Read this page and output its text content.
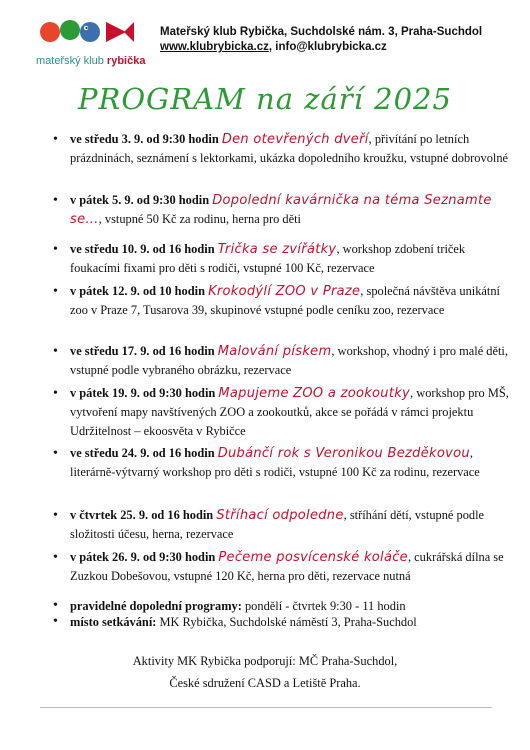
mateřský klub rybička
Mateřský klub Rybička, Suchdolské nám. 3, Praha-Suchdol
www.klubrybicka.cz, info@klubrybicka.cz
PROGRAM na září 2025
• ve středu 3. 9. od 9:30 hodin Den otevřených dveří, přivítání po letních prázdninách, seznámení s lektorkami, ukázka dopoledního kroužku, vstupné dobrovolné
• v pátek 5. 9. od 9:30 hodin Dopolední kavárnička na téma Seznamte se…, vstupné 50 Kč za rodinu, herna pro děti
• ve středu 10. 9. od 16 hodin Trička se zvířátky, workshop zdobení triček foukacími fixami pro děti s rodiči, vstupné 100 Kč, rezervace
• v pátek 12. 9. od 10 hodin Krokodýlí ZOO v Praze, společná návštěva unikátní zoo v Praze 7, Tusarova 39, skupinové vstupné podle ceníku zoo, rezervace
• ve středu 17. 9. od 16 hodin Malování pískem, workshop, vhodný i pro malé děti, vstupné podle vybraného obrázku, rezervace
• v pátek 19. 9. od 9:30 hodin Mapujeme ZOO a zookoutky, workshop pro MŠ, vytvoření mapy navštívených ZOO a zookoutků, akce se pořádá v rámci projektu Udržitelnost – ekoosvěta v Rybičce
• ve středu 24. 9. od 16 hodin Dubánčí rok s Veronikou Bezděkovou, literárně-výtvarný workshop pro děti s rodiči, vstupné 100 Kč za rodinu, rezervace
• v čtvrtek 25. 9. od 16 hodin Stříhací odpoledne, stříhání dětí, vstupné podle složitosti účesu, herna, rezervace
• v pátek 26. 9. od 9:30 hodin Pečeme posvícenské koláče, cukrářská dílna se Zuzkou Dobešovou, vstupné 120 Kč, herna pro děti, rezervace nutná
• pravidelné dopolední programy: pondělí - čtvrtek 9:30 - 11 hodin
• místo setkávání: MK Rybička, Suchdolské náměstí 3, Praha-Suchdol
Aktivity MK Rybička podporují: MČ Praha-Suchdol,
České sdružení CASD a Letiště Praha.
